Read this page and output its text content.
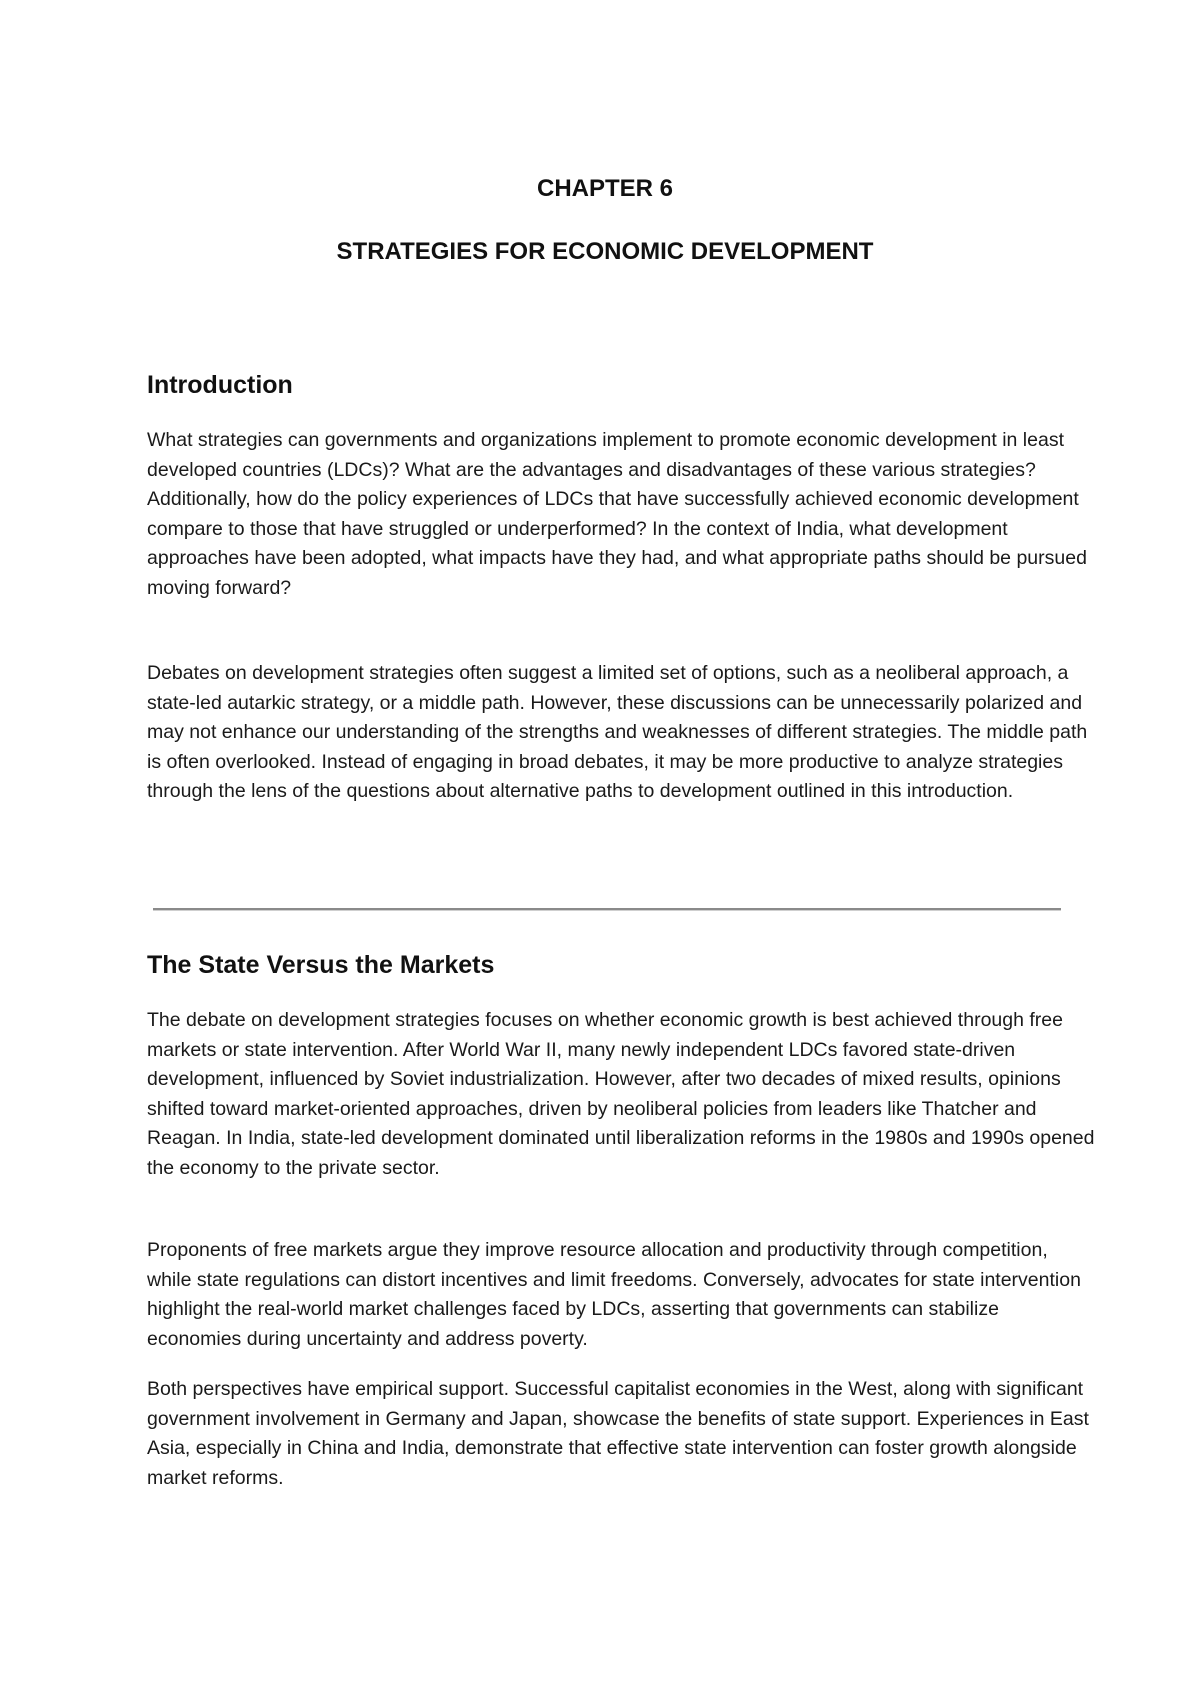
CHAPTER 6
STRATEGIES FOR ECONOMIC DEVELOPMENT
Introduction

What strategies can governments and organizations implement to promote economic development in least developed countries (LDCs)? What are the advantages and disadvantages of these various strategies? Additionally, how do the policy experiences of LDCs that have successfully achieved economic development compare to those that have struggled or underperformed? In the context of India, what development approaches have been adopted, what impacts have they had, and what appropriate paths should be pursued moving forward?

Debates on development strategies often suggest a limited set of options, such as a neoliberal approach, a state-led autarkic strategy, or a middle path. However, these discussions can be unnecessarily polarized and may not enhance our understanding of the strengths and weaknesses of different strategies. The middle path is often overlooked. Instead of engaging in broad debates, it may be more productive to analyze strategies through the lens of the questions about alternative paths to development outlined in this introduction.

The State Versus the Markets

The debate on development strategies focuses on whether economic growth is best achieved through free markets or state intervention. After World War II, many newly independent LDCs favored state-driven development, influenced by Soviet industrialization. However, after two decades of mixed results, opinions shifted toward market-oriented approaches, driven by neoliberal policies from leaders like Thatcher and Reagan. In India, state-led development dominated until liberalization reforms in the 1980s and 1990s opened the economy to the private sector.

Proponents of free markets argue they improve resource allocation and productivity through competition, while state regulations can distort incentives and limit freedoms. Conversely, advocates for state intervention highlight the real-world market challenges faced by LDCs, asserting that governments can stabilize economies during uncertainty and address poverty.

Both perspectives have empirical support. Successful capitalist economies in the West, along with significant government involvement in Germany and Japan, showcase the benefits of state support. Experiences in East Asia, especially in China and India, demonstrate that effective state intervention can foster growth alongside market reforms.
